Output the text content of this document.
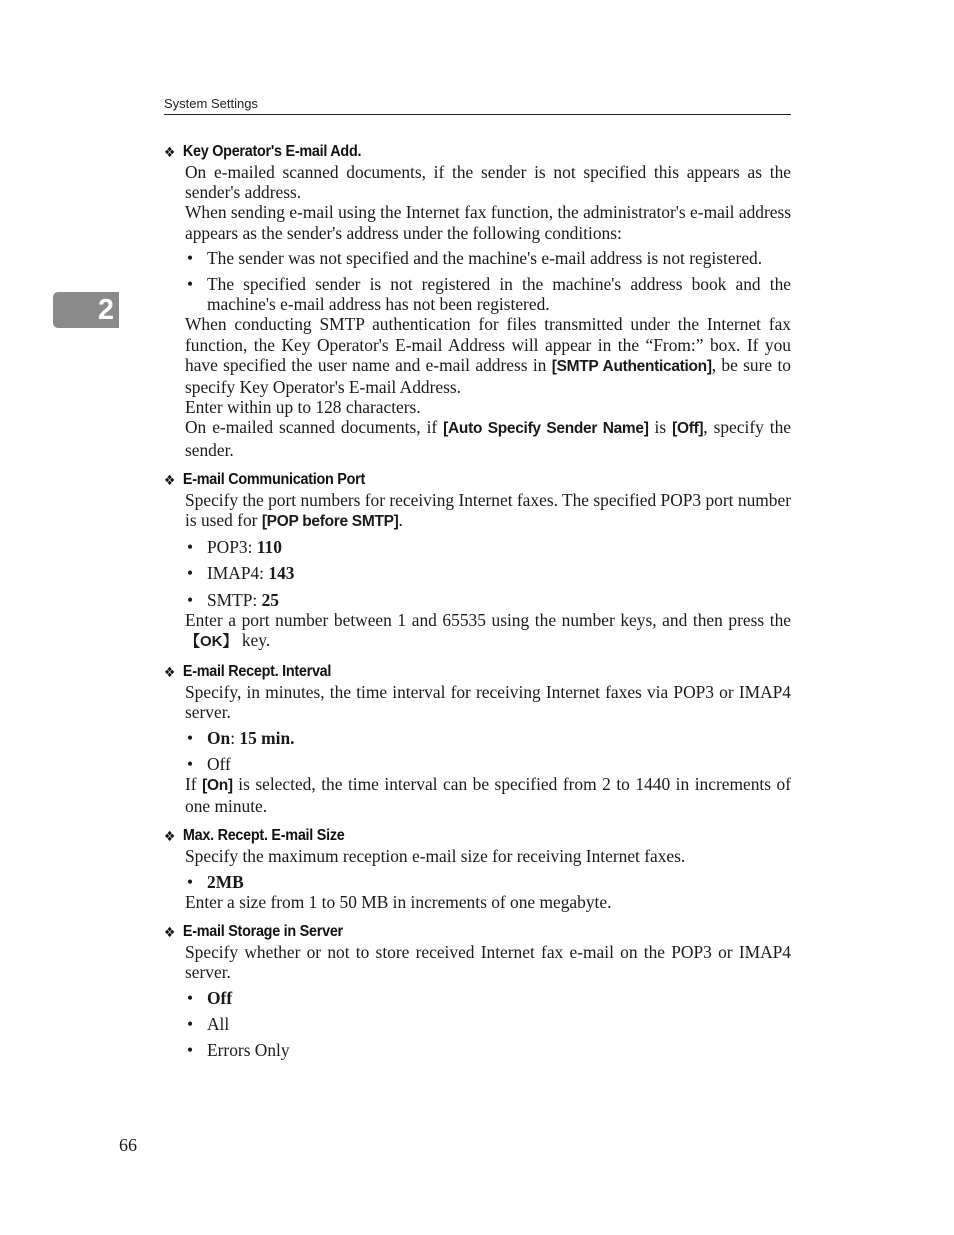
System Settings
2
❖ Key Operator's E-mail Add.

On e-mailed scanned documents, if the sender is not specified this appears as the sender's address.

When sending e-mail using the Internet fax function, the administrator's e-mail address appears as the sender's address under the following conditions:

• The sender was not specified and the machine's e-mail address is not registered.
• The specified sender is not registered in the machine's address book and the machine's e-mail address has not been registered.

When conducting SMTP authentication for files transmitted under the Internet fax function, the Key Operator's E-mail Address will appear in the “From:” box. If you have specified the user name and e-mail address in [SMTP Authentication], be sure to specify Key Operator's E-mail Address.

Enter within up to 128 characters.

On e-mailed scanned documents, if [Auto Specify Sender Name] is [Off], specify the sender.

❖ E-mail Communication Port

Specify the port numbers for receiving Internet faxes. The specified POP3 port number is used for [POP before SMTP].

• POP3: 110
• IMAP4: 143
• SMTP: 25

Enter a port number between 1 and 65535 using the number keys, and then press the 【OK】 key.

❖ E-mail Recept. Interval

Specify, in minutes, the time interval for receiving Internet faxes via POP3 or IMAP4 server.

• On: 15 min.
• Off

If [On] is selected, the time interval can be specified from 2 to 1440 in increments of one minute.

❖ Max. Recept. E-mail Size

Specify the maximum reception e-mail size for receiving Internet faxes.

• 2MB

Enter a size from 1 to 50 MB in increments of one megabyte.

❖ E-mail Storage in Server

Specify whether or not to store received Internet fax e-mail on the POP3 or IMAP4 server.

• Off
• All
• Errors Only
66
